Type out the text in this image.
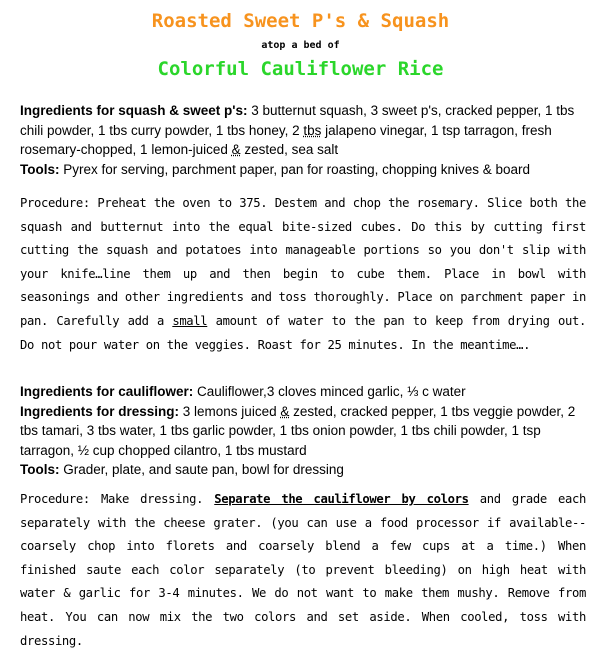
Roasted Sweet P's & Squash
atop a bed of
Colorful Cauliflower Rice

Ingredients for squash & sweet p's: 3 butternut squash, 3 sweet p's, cracked pepper, 1 tbs chili powder, 1 tbs curry powder, 1 tbs honey, 2 tbs jalapeno vinegar, 1 tsp tarragon, fresh rosemary-chopped, 1 lemon-juiced & zested, sea salt

Tools: Pyrex for serving, parchment paper, pan for roasting, chopping knives & board

Procedure: Preheat the oven to 375. Destem and chop the rosemary. Slice both the squash and butternut into the equal bite-sized cubes. Do this by cutting first cutting the squash and potatoes into manageable portions so you don't slip with your knife…line them up and then begin to cube them. Place in bowl with seasonings and other ingredients and toss thoroughly. Place on parchment paper in pan. Carefully add a small amount of water to the pan to keep from drying out. Do not pour water on the veggies. Roast for 25 minutes. In the meantime….

Ingredients for cauliflower: Cauliflower,3 cloves minced garlic, ⅓ c water

Ingredients for dressing: 3 lemons juiced & zested, cracked pepper, 1 tbs veggie powder, 2 tbs tamari, 3 tbs water, 1 tbs garlic powder, 1 tbs onion powder, 1 tbs chili powder, 1 tsp tarragon, ½ cup chopped cilantro, 1 tbs mustard

Tools: Grader, plate, and saute pan, bowl for dressing

Procedure: Make dressing. Separate the cauliflower by colors and grade each separately with the cheese grater. (you can use a food processor if available--coarsely chop into florets and coarsely blend a few cups at a time.) When finished saute each color separately (to prevent bleeding) on high heat with water & garlic for 3-4 minutes. We do not want to make them mushy. Remove from heat. You can now mix the two colors and set aside. When cooled, toss with dressing.
